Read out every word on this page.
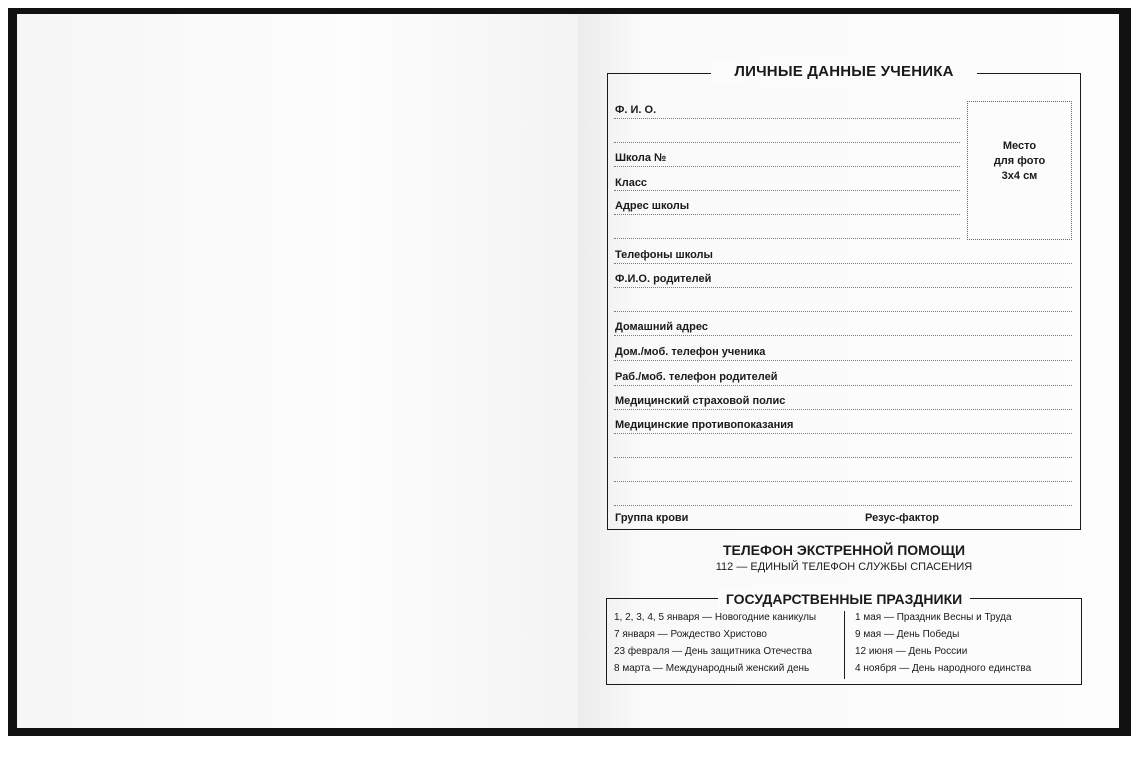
ЛИЧНЫЕ ДАННЫЕ УЧЕНИКА
Ф. И. О.
Школа №
Класс
Адрес школы
Телефоны школы
Ф.И.О. родителей
Домашний адрес
Дом./моб. телефон ученика
Раб./моб. телефон родителей
Медицинский страховой полис
Медицинские противопоказания
Группа крови	Резус-фактор
Место
для фото
3х4 см
ТЕЛЕФОН ЭКСТРЕННОЙ ПОМОЩИ
112 — ЕДИНЫЙ ТЕЛЕФОН СЛУЖБЫ СПАСЕНИЯ
ГОСУДАРСТВЕННЫЕ ПРАЗДНИКИ
1, 2, 3, 4, 5 января — Новогодние каникулы
7 января — Рождество Христово
23 февраля — День защитника Отечества
8 марта — Международный женский день
1 мая — Праздник Весны и Труда
9 мая — День Победы
12 июня — День России
4 ноября — День народного единства
